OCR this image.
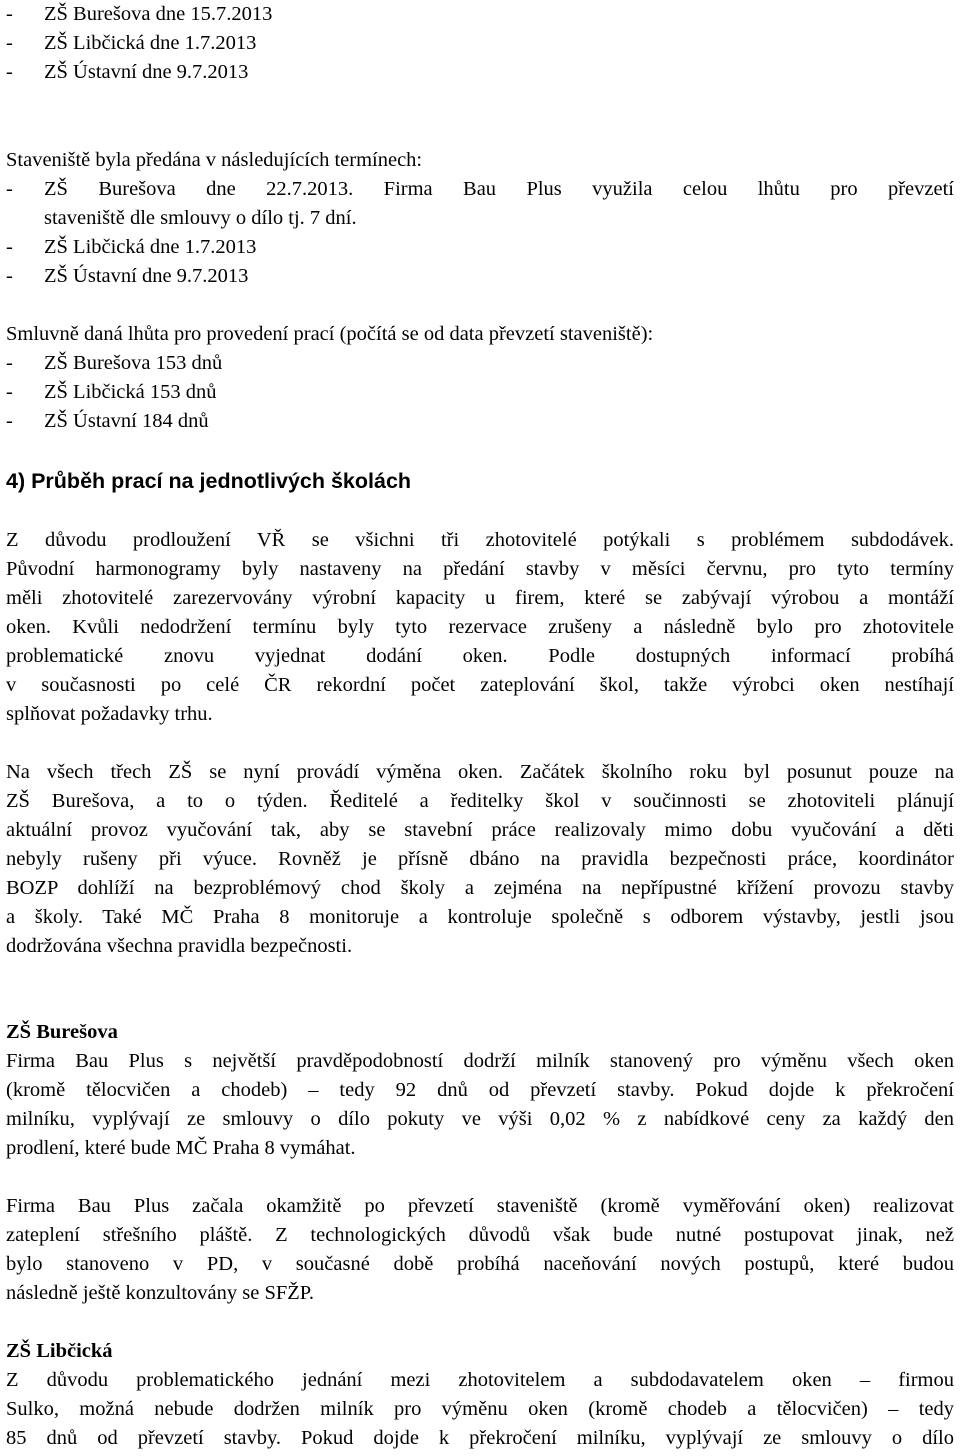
- ZŠ Burešova dne 15.7.2013
- ZŠ Libčická dne 1.7.2013
- ZŠ Ústavní dne 9.7.2013
Staveniště byla předána v následujících termínech:
-	ZŠ Burešova dne 22.7.2013. Firma Bau Plus využila celou lhůtu pro převzetí
staveniště dle smlouvy o dílo tj. 7 dní.
- ZŠ Libčická dne 1.7.2013
- ZŠ Ústavní dne 9.7.2013
Smluvně daná lhůta pro provedení prací (počítá se od data převzetí staveniště):
- ZŠ Burešova 153 dnů
- ZŠ Libčická 153 dnů
- ZŠ Ústavní 184 dnů
4) Průběh prací na jednotlivých školách
Z důvodu prodloužení VŘ se všichni tři zhotovitelé potýkali s problémem subdodávek.
Původní harmonogramy byly nastaveny na předání stavby v měsíci červnu, pro tyto termíny
měli zhotovitelé zarezervovány výrobní kapacity u firem, které se zabývají výrobou a montáží
oken. Kvůli nedodržení termínu byly tyto rezervace zrušeny a následně bylo pro zhotovitele
problematické znovu vyjednat dodání oken. Podle dostupných informací probíhá
v současnosti po celé ČR rekordní počet zateplování škol, takže výrobci oken nestíhají
splňovat požadavky trhu.
Na všech třech ZŠ se nyní provádí výměna oken. Začátek školního roku byl posunut pouze na
ZŠ Burešova, a to o týden. Ředitelé a ředitelky škol v součinnosti se zhotoviteli plánují
aktuální provoz vyučování tak, aby se stavební práce realizovaly mimo dobu vyučování a děti
nebyly rušeny při výuce. Rovněž je přísně dbáno na pravidla bezpečnosti práce, koordinátor
BOZP dohlíží na bezproblémový chod školy a zejména na nepřípustné křížení provozu stavby
a školy. Také MČ Praha 8 monitoruje a kontroluje společně s odborem výstavby, jestli jsou
dodržována všechna pravidla bezpečnosti.
ZŠ Burešova
Firma Bau Plus s největší pravděpodobností dodrží milník stanovený pro výměnu všech oken
(kromě tělocvičen a chodeb) – tedy 92 dnů od převzetí stavby. Pokud dojde k překročení
milníku, vyplývají ze smlouvy o dílo pokuty ve výši 0,02 % z nabídkové ceny za každý den
prodlení, které bude MČ Praha 8 vymáhat.
Firma Bau Plus začala okamžitě po převzetí staveniště (kromě vyměřování oken) realizovat
zateplení střešního pláště. Z technologických důvodů však bude nutné postupovat jinak, než
bylo stanoveno v PD, v současné době probíhá naceňování nových postupů, které budou
následně ještě konzultovány se SFŽP.
ZŠ Libčická
Z důvodu problematického jednání mezi zhotovitelem a subdodavatelem oken – firmou
Sulko, možná nebude dodržen milník pro výměnu oken (kromě chodeb a tělocvičen) – tedy
85 dnů od převzetí stavby. Pokud dojde k překročení milníku, vyplývají ze smlouvy o dílo
